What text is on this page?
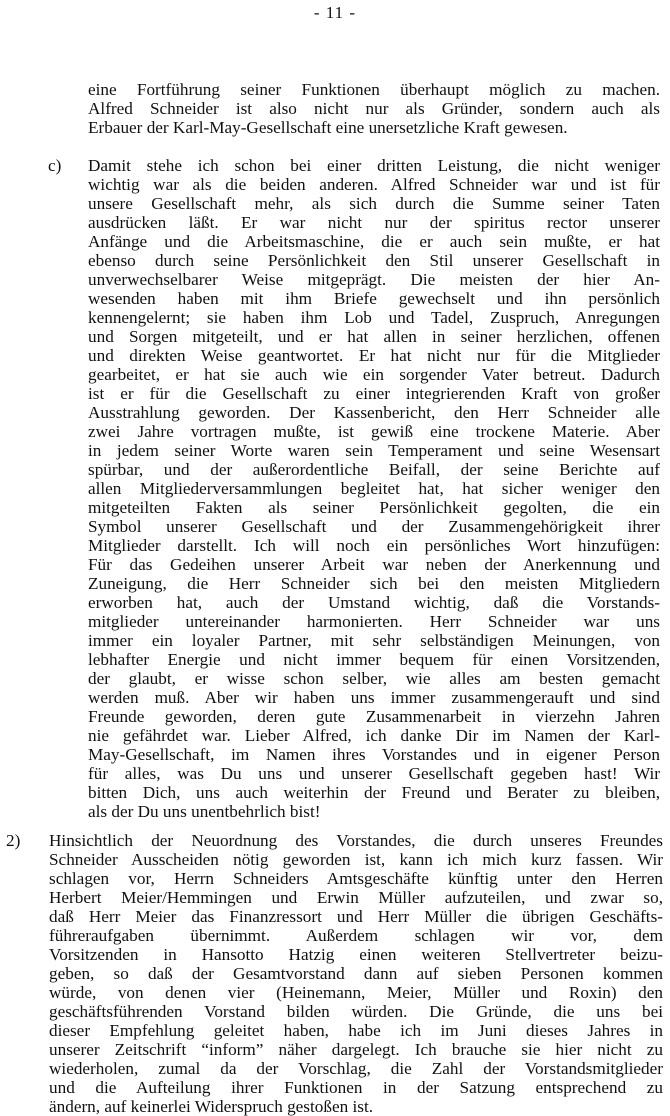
- 11 -

eine Fortführung seiner Funktionen überhaupt möglich zu machen.

Alfred Schneider ist also nicht nur als Gründer, sondern auch als

Erbauer der Karl-May-Gesellschaft eine unersetzliche Kraft gewesen.

c) Damit stehe ich schon bei einer dritten Leistung, die nicht weniger

wichtig war als die beiden anderen. Alfred Schneider war und ist für

unsere Gesellschaft mehr, als sich durch die Summe seiner Taten

ausdrücken läßt. Er war nicht nur der spiritus rector unserer

Anfänge und die Arbeitsmaschine, die er auch sein mußte, er hat

ebenso durch seine Persönlichkeit den Stil unserer Gesellschaft in

unverwechselbarer Weise mitgeprägt. Die meisten der hier An-

wesenden haben mit ihm Briefe gewechselt und ihn persönlich

kennengelernt; sie haben ihm Lob und Tadel, Zuspruch, Anregungen

und Sorgen mitgeteilt, und er hat allen in seiner herzlichen, offenen

und direkten Weise geantwortet. Er hat nicht nur für die Mitglieder

gearbeitet, er hat sie auch wie ein sorgender Vater betreut. Dadurch

ist er für die Gesellschaft zu einer integrierenden Kraft von großer

Ausstrahlung geworden. Der Kassenbericht, den Herr Schneider alle

zwei Jahre vortragen mußte, ist gewiß eine trockene Materie. Aber

in jedem seiner Worte waren sein Temperament und seine Wesensart

spürbar, und der außerordentliche Beifall, der seine Berichte auf

allen Mitgliederversammlungen begleitet hat, hat sicher weniger den

mitgeteilten Fakten als seiner Persönlichkeit gegolten, die ein

Symbol unserer Gesellschaft und der Zusammengehörigkeit ihrer

Mitglieder darstellt. Ich will noch ein persönliches Wort hinzufügen:

Für das Gedeihen unserer Arbeit war neben der Anerkennung und

Zuneigung, die Herr Schneider sich bei den meisten Mitgliedern

erworben hat, auch der Umstand wichtig, daß die Vorstands-

mitglieder untereinander harmonierten. Herr Schneider war uns

immer ein loyaler Partner, mit sehr selbständigen Meinungen, von

lebhafter Energie und nicht immer bequem für einen Vorsitzenden,

der glaubt, er wisse schon selber, wie alles am besten gemacht

werden muß. Aber wir haben uns immer zusammengerauft und sind

Freunde geworden, deren gute Zusammenarbeit in vierzehn Jahren

nie gefährdet war. Lieber Alfred, ich danke Dir im Namen der Karl-

May-Gesellschaft, im Namen ihres Vorstandes und in eigener Person

für alles, was Du uns und unserer Gesellschaft gegeben hast! Wir

bitten Dich, uns auch weiterhin der Freund und Berater zu bleiben,

als der Du uns unentbehrlich bist!

2) Hinsichtlich der Neuordnung des Vorstandes, die durch unseres Freundes

Schneider Ausscheiden nötig geworden ist, kann ich mich kurz fassen. Wir

schlagen vor, Herrn Schneiders Amtsgeschäfte künftig unter den Herren

Herbert Meier/Hemmingen und Erwin Müller aufzuteilen, und zwar so,

daß Herr Meier das Finanzressort und Herr Müller die übrigen Geschäfts-

führeraufgaben übernimmt. Außerdem schlagen wir vor, dem

Vorsitzenden in Hansotto Hatzig einen weiteren Stellvertreter beizu-

geben, so daß der Gesamtvorstand dann auf sieben Personen kommen

würde, von denen vier (Heinemann, Meier, Müller und Roxin) den

geschäftsführenden Vorstand bilden würden. Die Gründe, die uns bei

dieser Empfehlung geleitet haben, habe ich im Juni dieses Jahres in

unserer Zeitschrift “inform” näher dargelegt. Ich brauche sie hier nicht zu

wiederholen, zumal da der Vorschlag, die Zahl der Vorstandsmitglieder

und die Aufteilung ihrer Funktionen in der Satzung entsprechend zu

ändern, auf keinerlei Widerspruch gestoßen ist.
